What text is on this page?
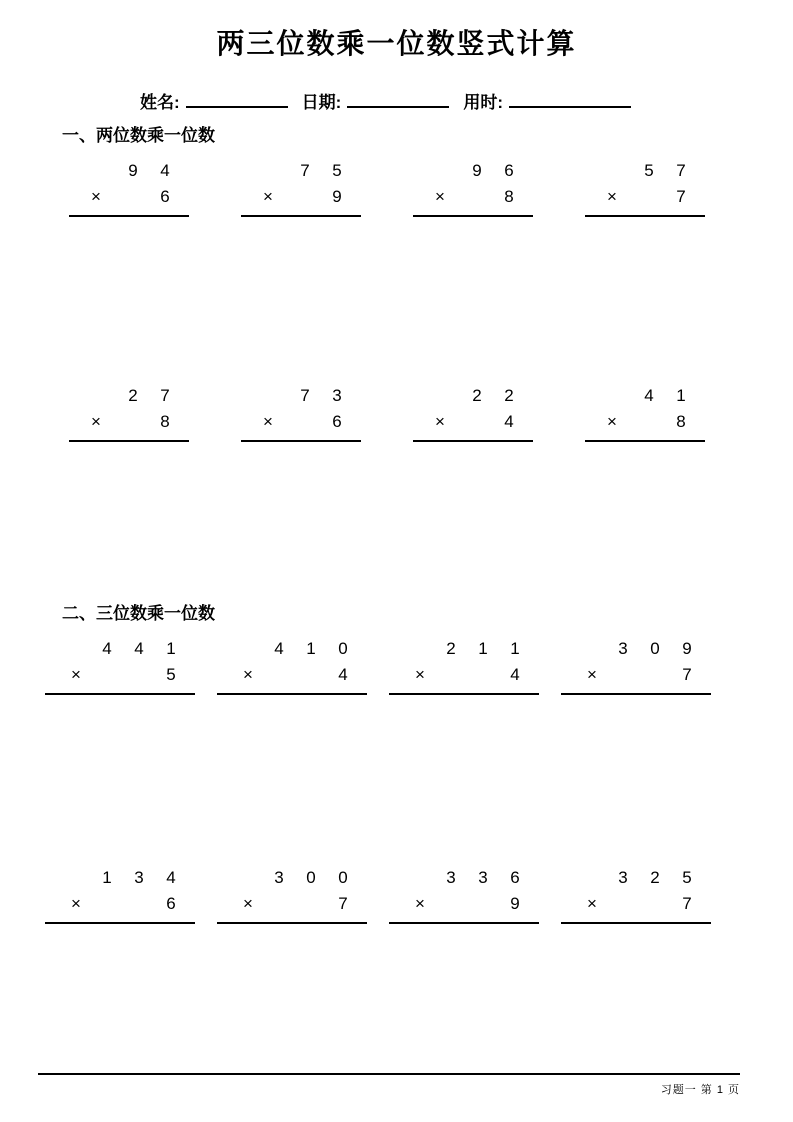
两三位数乘一位数竖式计算
姓名:	日期:	用时:
一、两位数乘一位数
9	4
×	6
7	5
×	9
9	6
×	8
5	7
×	7
2	7
×	8
7	3
×	6
2	2
×	4
4	1
×	8
二、三位数乘一位数
4	4	1
×	5
4	1	0
×	4
2	1	1
×	4
3	0	9
×	7
1	3	4
×	6
3	0	0
×	7
3	3	6
×	9
3	2	5
×	7
习题一 第 1 页
